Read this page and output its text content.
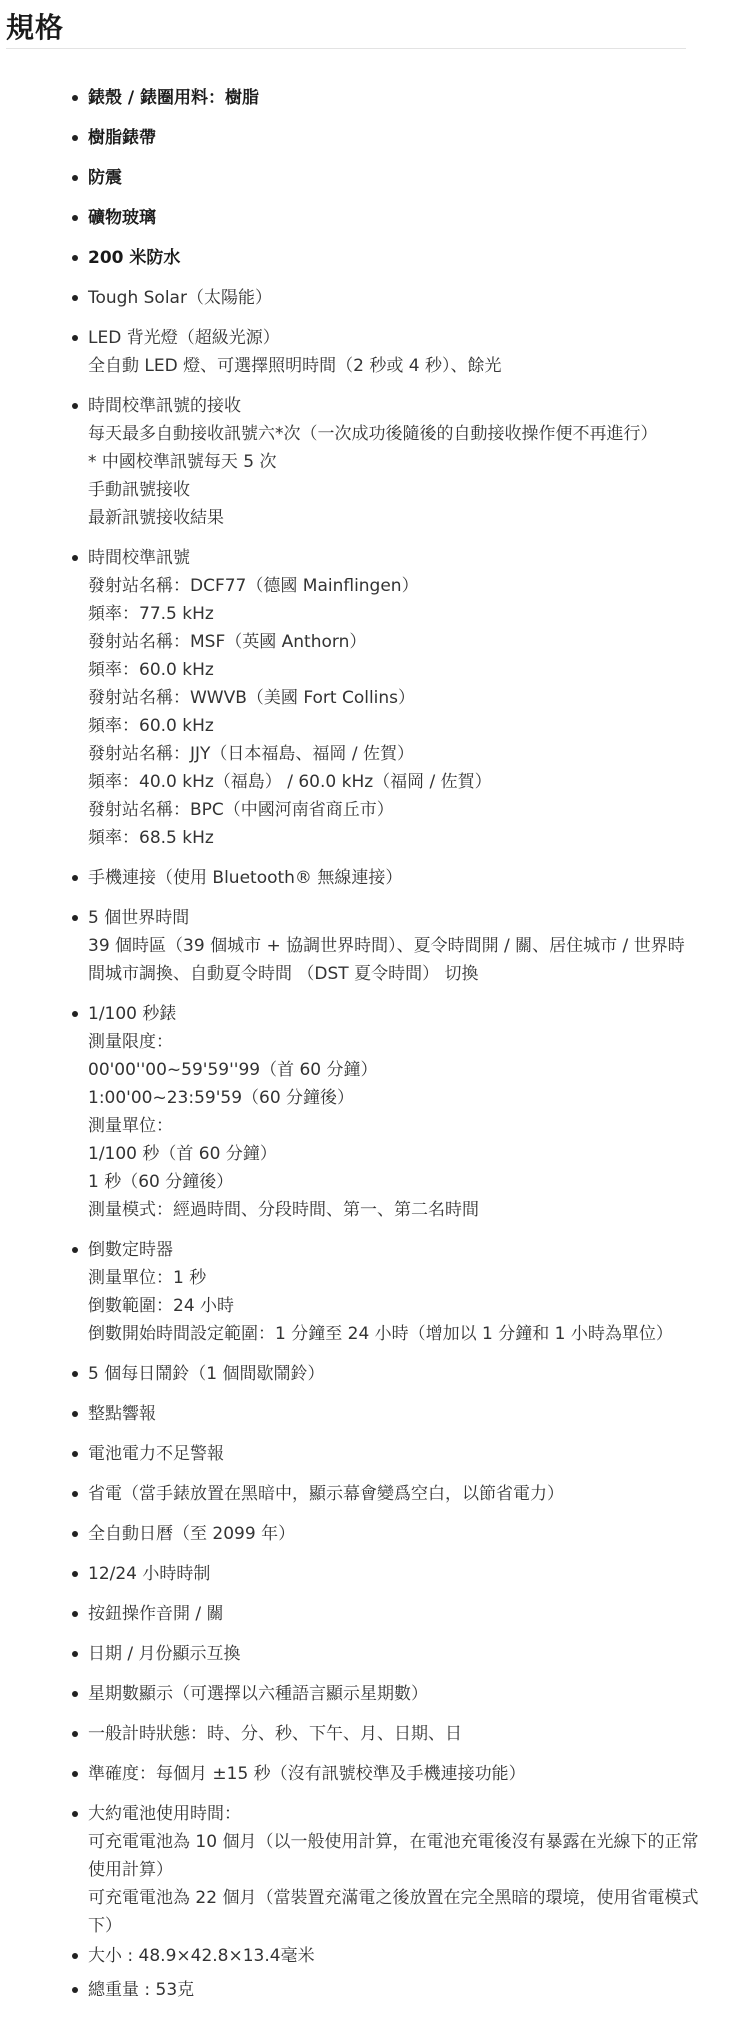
規格
錶殼 / 錶圈用料：樹脂
樹脂錶帶
防震
礦物玻璃
200 米防水
Tough Solar（太陽能）
LED 背光燈（超級光源）
全自動 LED 燈、可選擇照明時間（2 秒或 4 秒）、餘光
時間校準訊號的接收
每天最多自動接收訊號六*次（一次成功後隨後的自動接收操作便不再進行）
* 中國校準訊號每天 5 次
手動訊號接收
最新訊號接收結果
時間校準訊號
發射站名稱：DCF77（德國 Mainflingen）
頻率：77.5 kHz
發射站名稱：MSF（英國 Anthorn）
頻率：60.0 kHz
發射站名稱：WWVB（美國 Fort Collins）
頻率：60.0 kHz
發射站名稱：JJY（日本福島、福岡 / 佐賀）
頻率：40.0 kHz（福島） / 60.0 kHz（福岡 / 佐賀）
發射站名稱：BPC（中國河南省商丘市）
頻率：68.5 kHz
手機連接（使用 Bluetooth® 無線連接）
5 個世界時間
39 個時區（39 個城市 + 協調世界時間）、夏令時間開 / 關、居住城市 / 世界時
間城市調換、自動夏令時間 （DST 夏令時間） 切換
1/100 秒錶
測量限度：
00'00''00~59'59''99（首 60 分鐘）
1:00'00~23:59'59（60 分鐘後）
測量單位：
1/100 秒（首 60 分鐘）
1 秒（60 分鐘後）
測量模式：經過時間、分段時間、第一、第二名時間
倒數定時器
測量單位：1 秒
倒數範圍：24 小時
倒數開始時間設定範圍：1 分鐘至 24 小時（增加以 1 分鐘和 1 小時為單位）
5 個每日鬧鈴（1 個間歇鬧鈴）
整點響報
電池電力不足警報
省電（當手錶放置在黑暗中，顯示幕會變爲空白，以節省電力）
全自動日曆（至 2099 年）
12/24 小時時制
按鈕操作音開 / 關
日期 / 月份顯示互換
星期數顯示（可選擇以六種語言顯示星期數）
一般計時狀態：時、分、秒、下午、月、日期、日
準確度：每個月 ±15 秒（沒有訊號校準及手機連接功能）
大約電池使用時間：
可充電電池為 10 個月（以一般使用計算，在電池充電後沒有暴露在光線下的正常
使用計算）
可充電電池為 22 個月（當裝置充滿電之後放置在完全黑暗的環境，使用省電模式
下）
大小 : 48.9×42.8×13.4毫米
總重量 : 53克
